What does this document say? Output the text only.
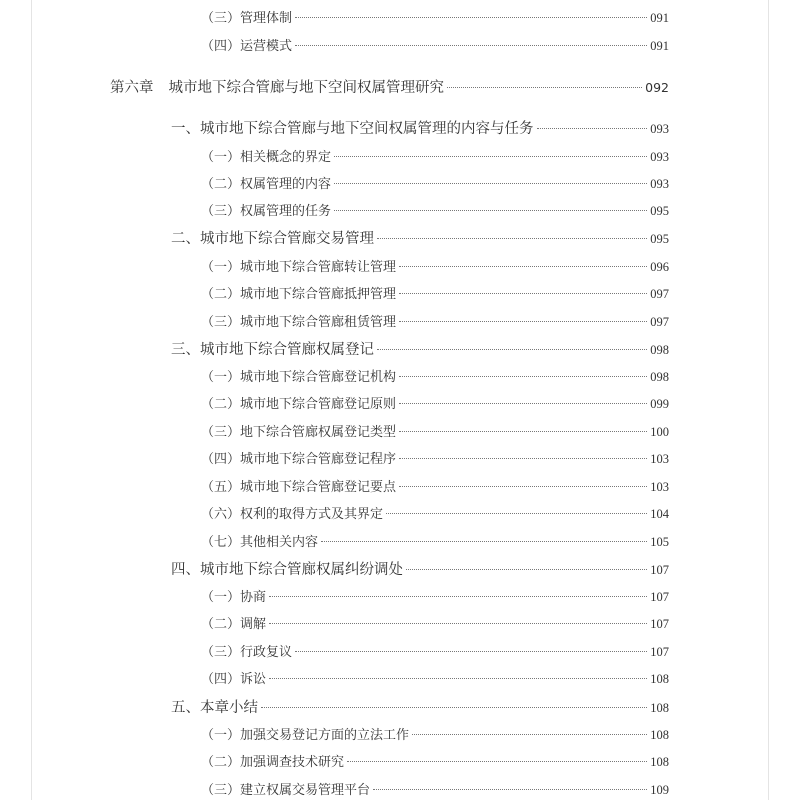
（三）管理体制	091
（四）运营模式	091
第六章 城市地下综合管廊与地下空间权属管理研究	092
一、城市地下综合管廊与地下空间权属管理的内容与任务	093
（一）相关概念的界定	093
（二）权属管理的内容	093
（三）权属管理的任务	095
二、城市地下综合管廊交易管理	095
（一）城市地下综合管廊转让管理	096
（二）城市地下综合管廊抵押管理	097
（三）城市地下综合管廊租赁管理	097
三、城市地下综合管廊权属登记	098
（一）城市地下综合管廊登记机构	098
（二）城市地下综合管廊登记原则	099
（三）地下综合管廊权属登记类型	100
（四）城市地下综合管廊登记程序	103
（五）城市地下综合管廊登记要点	103
（六）权利的取得方式及其界定	104
（七）其他相关内容	105
四、城市地下综合管廊权属纠纷调处	107
（一）协商	107
（二）调解	107
（三）行政复议	107
（四）诉讼	108
五、本章小结	108
（一）加强交易登记方面的立法工作	108
（二）加强调查技术研究	108
（三）建立权属交易管理平台	109
